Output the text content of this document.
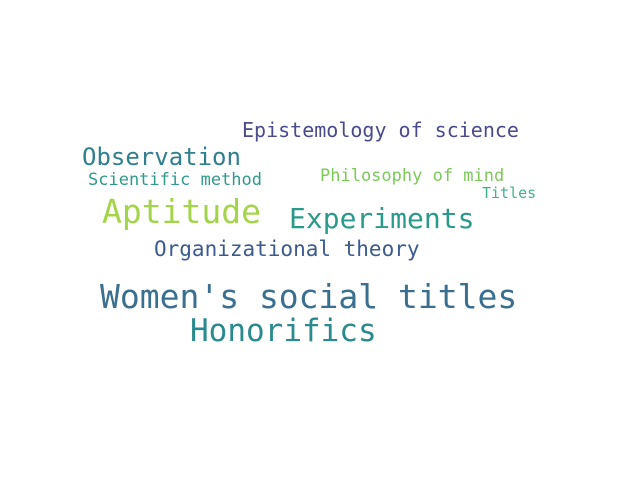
Epistemology of science
Observation
Scientific method	Philosophy of mind
Titles
Aptitude Experiments
Organizational theory
Women's social titles
Honorifics
